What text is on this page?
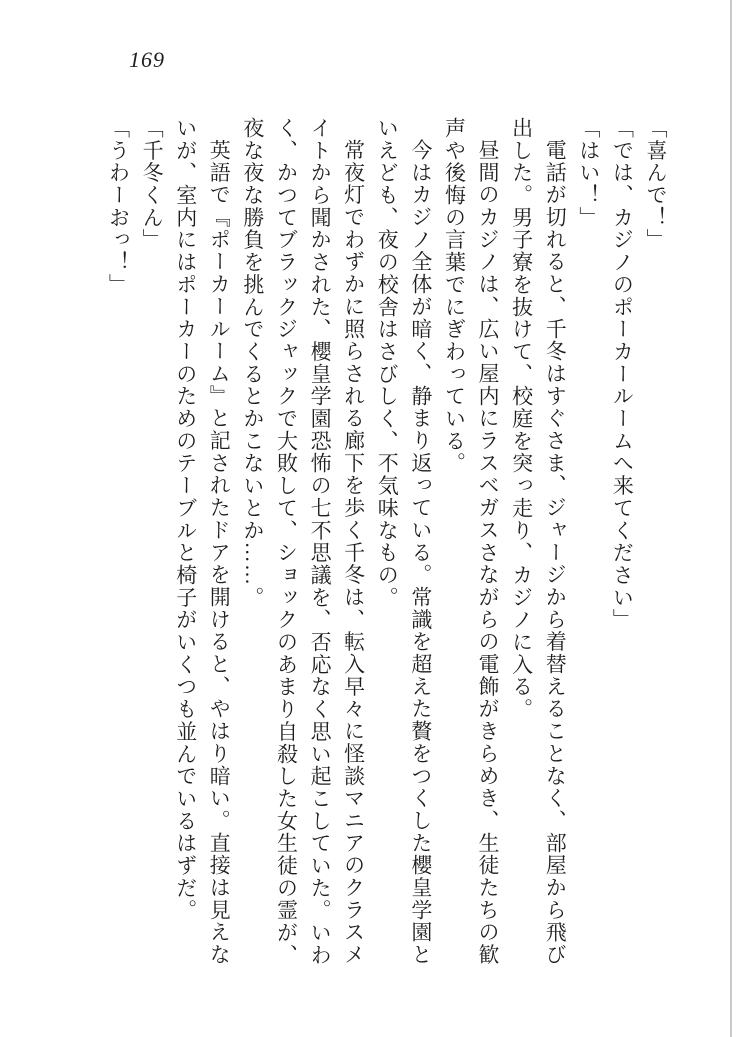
169

「喜んで！」

「では、カジノのポーカールームへ来てください」

「はい！」

電話が切れると、千冬はすぐさま、ジャージから着替えることなく、部屋から飛び

出した。男子寮を抜けて、校庭を突っ走り、カジノに入る。

昼間のカジノは、広い屋内にラスベガスさながらの電飾がきらめき、生徒たちの歓

声や後悔の言葉でにぎわっている。

今はカジノ全体が暗く、静まり返っている。常識を超えた贅をつくした櫻皇学園と

いえども、夜の校舎はさびしく、不気味なもの。

常夜灯でわずかに照らされる廊下を歩く千冬は、転入早々に怪談マニアのクラスメ

イトから聞かされた、櫻皇学園恐怖の七不思議を、否応なく思い起こしていた。いわ

く、かつてブラックジャックで大敗して、ショックのあまり自殺した女生徒の霊が、

夜な夜な勝負を挑んでくるとかこないとか……。

英語で『ポーカールーム』と記されたドアを開けると、やはり暗い。直接は見えな

いが、室内にはポーカーのためのテーブルと椅子がいくつも並んでいるはずだ。

「千冬くん」

「うわーおっ！」
